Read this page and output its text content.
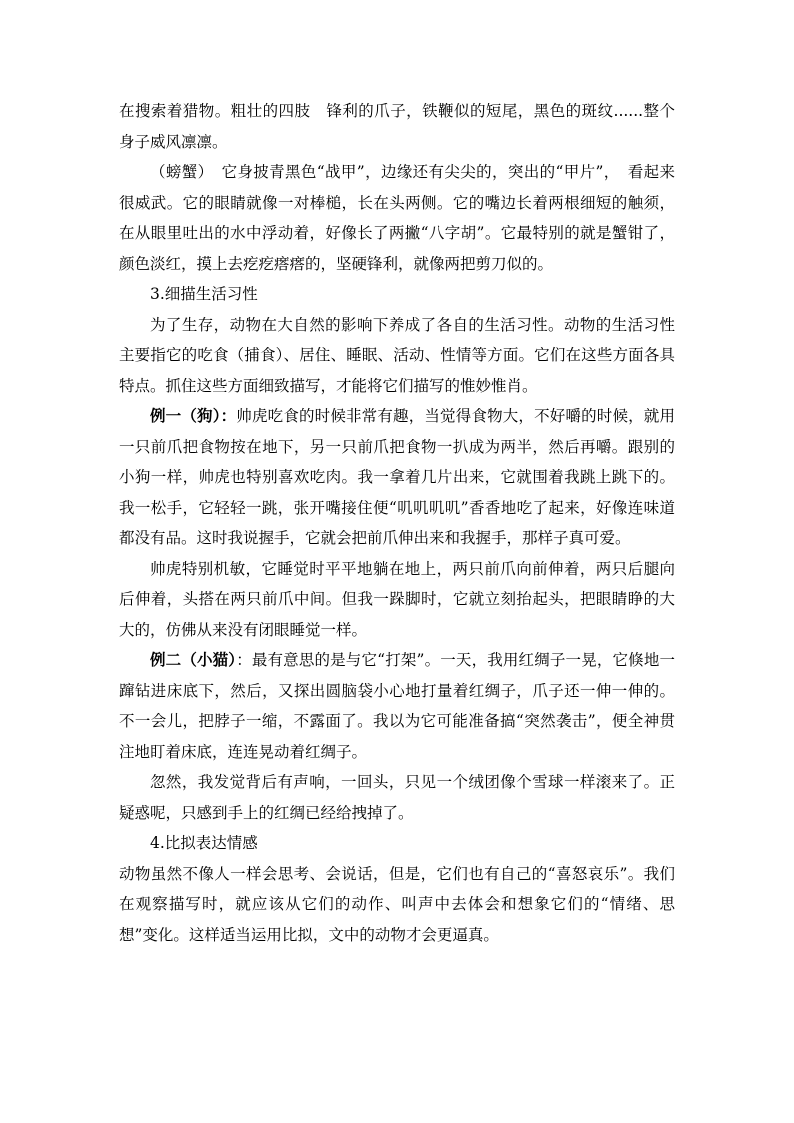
在搜索着猎物。粗壮的四肢　锋利的爪子，铁鞭似的短尾，黑色的斑纹......整个身子威风凛凛。

（螃蟹）　它身披青黑色“战甲”，边缘还有尖尖的，突出的“甲片”，　看起来很威武。它的眼睛就像一对棒槌，长在头两侧。它的嘴边长着两根细短的触须，在从眼里吐出的水中浮动着，好像长了两撇“八字胡”。它最特别的就是蟹钳了，颜色淡红，摸上去疙疙瘩瘩的，坚硬锋利，就像两把剪刀似的。

3.细描生活习性

为了生存，动物在大自然的影响下养成了各自的生活习性。动物的生活习性主要指它的吃食（捕食）、居住、睡眠、活动、性情等方面。它们在这些方面各具特点。抓住这些方面细致描写，才能将它们描写的惟妙惟肖。

例一（狗）：帅虎吃食的时候非常有趣，当觉得食物大，不好嚼的时候，就用一只前爪把食物按在地下，另一只前爪把食物一扒成为两半，然后再嚼。跟别的小狗一样，帅虎也特别喜欢吃肉。我一拿着几片出来，它就围着我跳上跳下的。我一松手，它轻轻一跳，张开嘴接住便“叽叽叽叽”香香地吃了起来，好像连味道都没有品。这时我说握手，它就会把前爪伸出来和我握手，那样子真可爱。

帅虎特别机敏，它睡觉时平平地躺在地上，两只前爪向前伸着，两只后腿向后伸着，头搭在两只前爪中间。但我一跺脚时，它就立刻抬起头，把眼睛睁的大大的，仿佛从来没有闭眼睡觉一样。

例二（小猫）：最有意思的是与它“打架”。一天，我用红绸子一晃，它倏地一蹿钻进床底下，然后，又探出圆脑袋小心地打量着红绸子，爪子还一伸一伸的。不一会儿，把脖子一缩，不露面了。我以为它可能准备搞“突然袭击”，便全神贯注地盯着床底，连连晃动着红绸子。

忽然，我发觉背后有声响，一回头，只见一个绒团像个雪球一样滚来了。正疑惑呢，只感到手上的红绸已经给拽掉了。

4.比拟表达情感

动物虽然不像人一样会思考、会说话，但是，它们也有自己的“喜怒哀乐”。我们在观察描写时，就应该从它们的动作、叫声中去体会和想象它们的“情绪、思想”变化。这样适当运用比拟，文中的动物才会更逼真。
